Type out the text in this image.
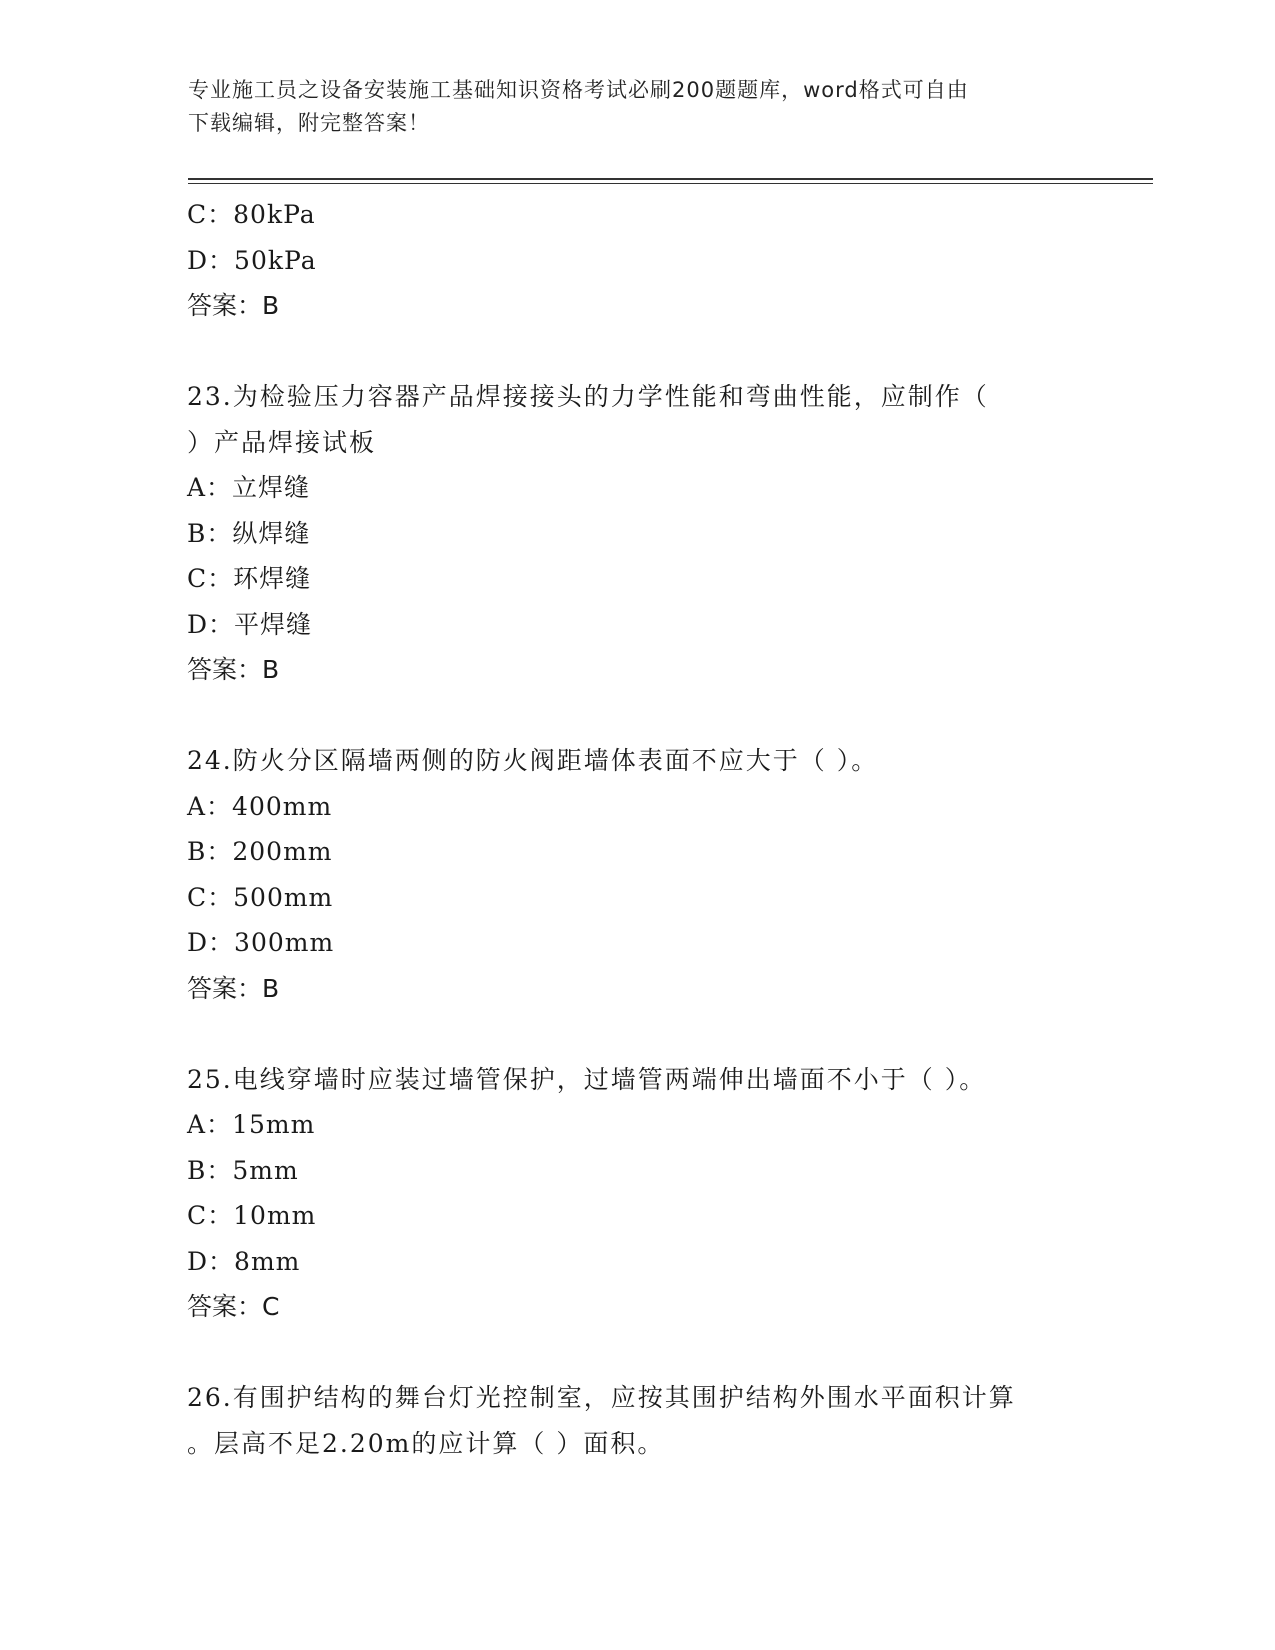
专业施工员之设备安装施工基础知识资格考试必刷200题题库，word格式可自由
下载编辑，附完整答案！
C：80kPa
D：50kPa
答案：B
23.为检验压力容器产品焊接接头的力学性能和弯曲性能，应制作（
）产品焊接试板
A：立焊缝
B：纵焊缝
C：环焊缝
D：平焊缝
答案：B
24.防火分区隔墙两侧的防火阀距墙体表面不应大于（ ）。
A：400mm
B：200mm
C：500mm
D：300mm
答案：B
25.电线穿墙时应装过墙管保护，过墙管两端伸出墙面不小于（ ）。
A：15mm
B：5mm
C：10mm
D：8mm
答案：C
26.有围护结构的舞台灯光控制室，应按其围护结构外围水平面积计算
。层高不足2.20m的应计算（ ）面积。
